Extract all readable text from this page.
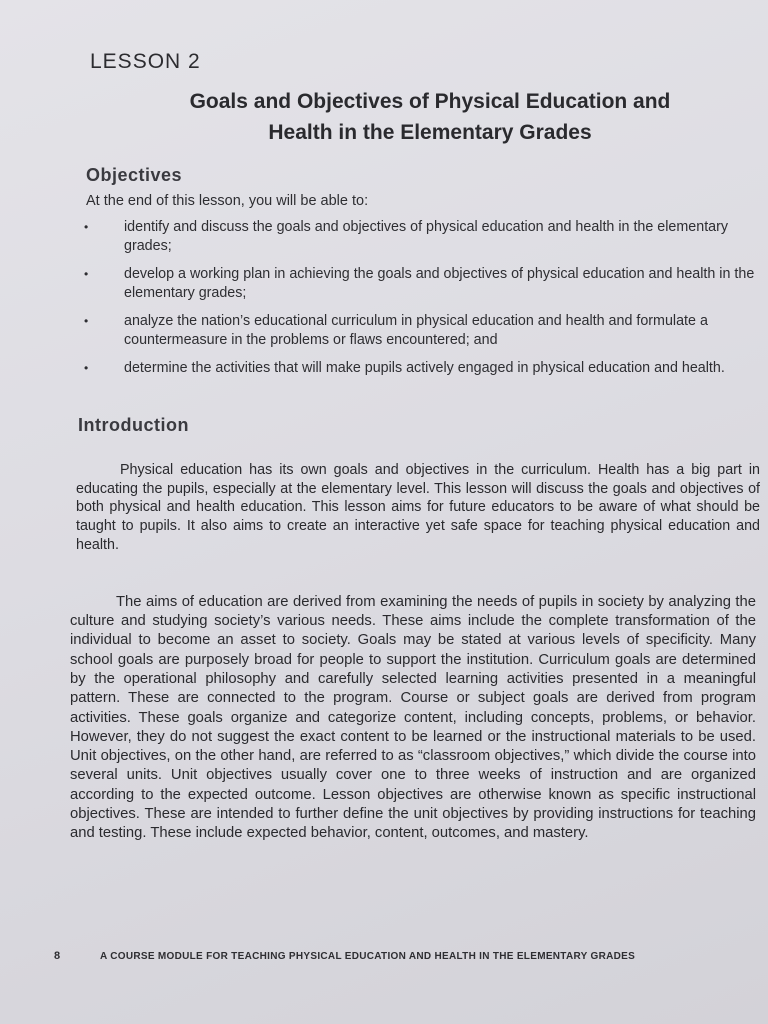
LESSON 2
Goals and Objectives of Physical Education and
Health in the Elementary Grades
Objectives
At the end of this lesson, you will be able to:
•	identify and discuss the goals and objectives of physical education and health in the elementary grades;
•	develop a working plan in achieving the goals and objectives of physical education and health in the elementary grades;
•	analyze the nation’s educational curriculum in physical education and health and formulate a countermeasure in the problems or flaws encountered; and
•	determine the activities that will make pupils actively engaged in physical education and health.
Introduction

Physical education has its own goals and objectives in the curriculum. Health has a big part in educating the pupils, especially at the elementary level. This lesson will discuss the goals and objectives of both physical and health education. This lesson aims for future educators to be aware of what should be taught to pupils. It also aims to create an interactive yet safe space for teaching physical education and health.

The aims of education are derived from examining the needs of pupils in society by analyzing the culture and studying society’s various needs. These aims include the complete transformation of the individual to become an asset to society. Goals may be stated at various levels of specificity. Many school goals are purposely broad for people to support the institution. Curriculum goals are determined by the operational philosophy and carefully selected learning activities presented in a meaningful pattern. These are connected to the program. Course or subject goals are derived from program activities. These goals organize and categorize content, including concepts, problems, or behavior. However, they do not suggest the exact content to be learned or the instructional materials to be used. Unit objectives, on the other hand, are referred to as “classroom objectives,” which divide the course into several units. Unit objectives usually cover one to three weeks of instruction and are organized according to the expected outcome. Lesson objectives are otherwise known as specific instructional objectives. These are intended to further define the unit objectives by providing instructions for teaching and testing. These include expected behavior, content, outcomes, and mastery.

8	A COURSE MODULE FOR TEACHING PHYSICAL EDUCATION AND HEALTH IN THE ELEMENTARY GRADES
